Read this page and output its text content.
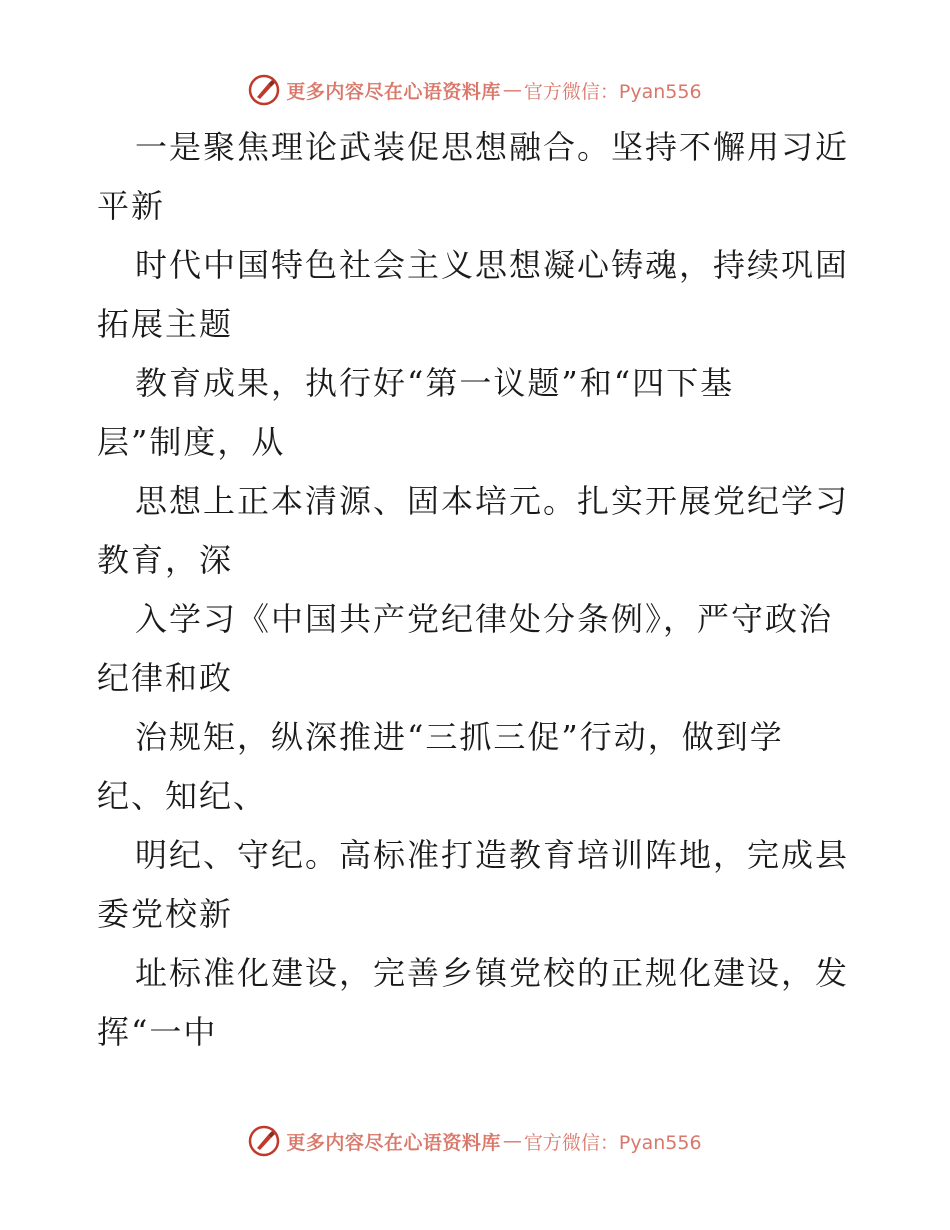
更多内容尽在心语资料库 — 官方微信：Pyan556
一是聚焦理论武装促思想融合。坚持不懈用习近
平新
时代中国特色社会主义思想凝心铸魂，持续巩固
拓展主题
教育成果，执行好“第一议题”和“四下基
层”制度，从
思想上正本清源、固本培元。扎实开展党纪学习
教育，深
入学习《中国共产党纪律处分条例》，严守政治
纪律和政
治规矩，纵深推进“三抓三促”行动，做到学
纪、知纪、
明纪、守纪。高标准打造教育培训阵地，完成县
委党校新
址标准化建设，完善乡镇党校的正规化建设，发
挥“一中
更多内容尽在心语资料库 — 官方微信：Pyan556
